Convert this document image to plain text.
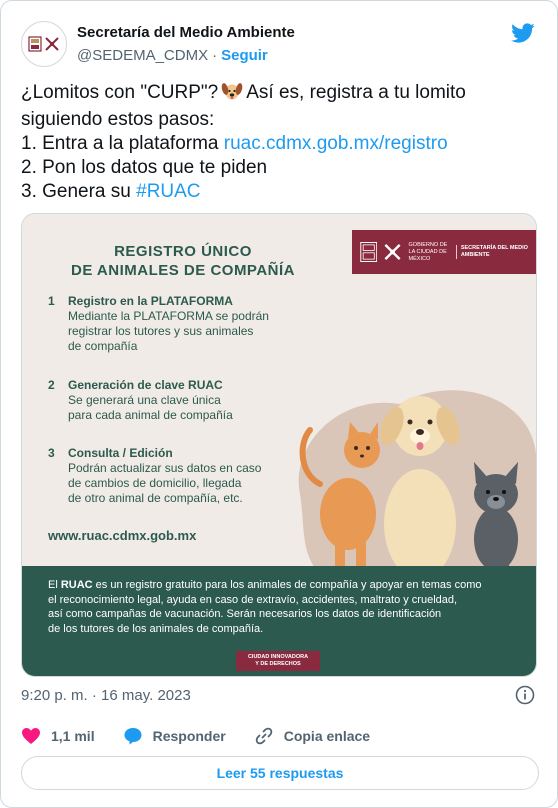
Secretaría del Medio Ambiente
@SEDEMA_CDMX · Seguir
¿Lomitos con "CURP"? Así es, registra a tu lomito
siguiendo estos pasos:
1. Entra a la plataforma ruac.cdmx.gob.mx/registro
2. Pon los datos que te piden
3. Genera su #RUAC
REGISTRO ÚNICO
DE ANIMALES DE COMPAÑÍA
GOBIERNO DE LA CIUDAD DE MÉXICO
SECRETARÍA DEL MEDIO AMBIENTE
1 Registro en la PLATAFORMA
Mediante la PLATAFORMA se podrán
registrar los tutores y sus animales
de compañía
2 Generación de clave RUAC
Se generará una clave única
para cada animal de compañía
3 Consulta / Edición
Podrán actualizar sus datos en caso
de cambios de domicilio, llegada
de otro animal de compañía, etc.
www.ruac.cdmx.gob.mx
El RUAC es un registro gratuito para los animales de compañía y apoyar en temas como
el reconocimiento legal, ayuda en caso de extravío, accidentes, maltrato y crueldad,
así como campañas de vacunación. Serán necesarios los datos de identificación
de los tutores de los animales de compañía.
CIUDAD INNOVADORA
Y DE DERECHOS
9:20 p. m. · 16 may. 2023
1,1 mil	Responder	Copia enlace
Leer 55 respuestas
